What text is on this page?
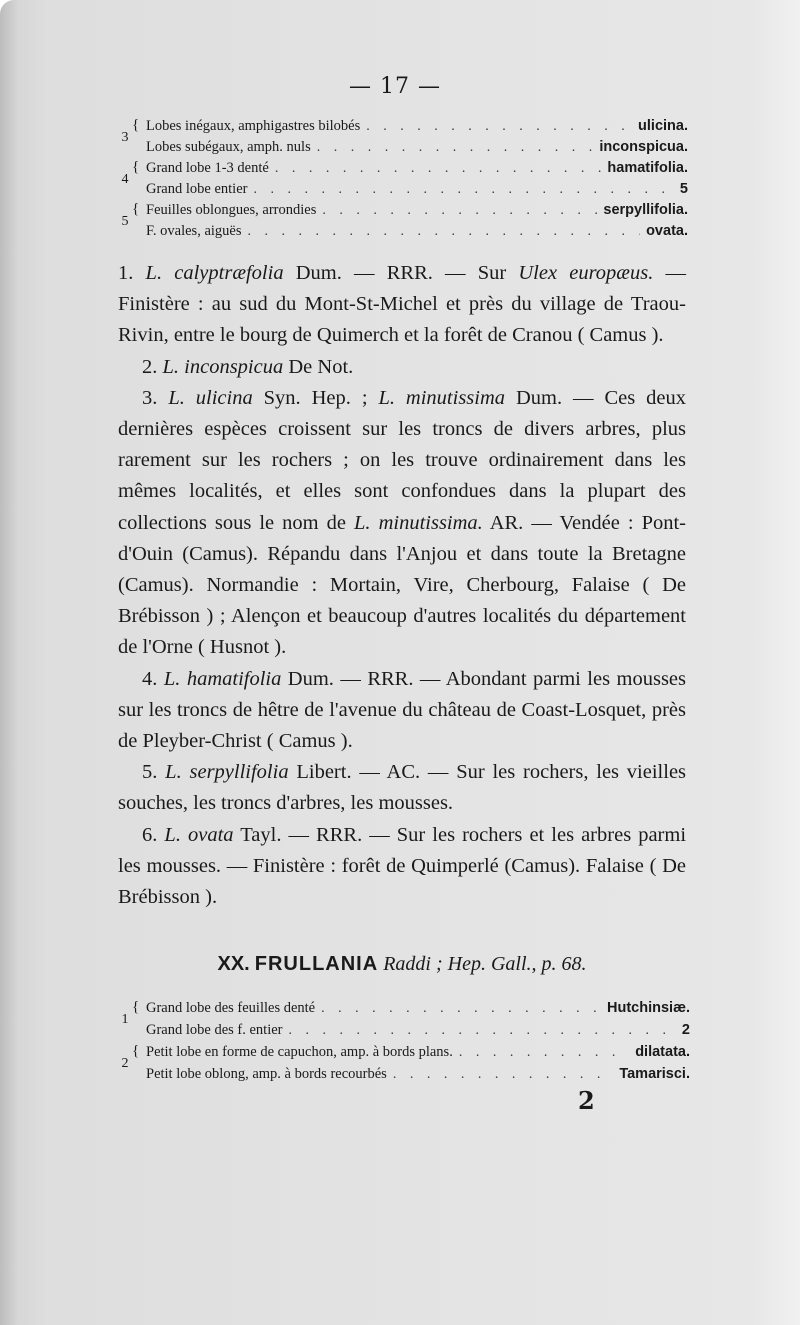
— 17 —
3
{ Lobes inégaux, amphigastres bilobés . . .	ulicina.
Lobes subégaux, amph. nuls . . .	inconspicua.
4
{ Grand lobe 1-3 denté . . .	hamatifolia.
Grand lobe entier . . .	5
5
{ Feuilles oblongues, arrondies . . .	serpyllifolia.
F. ovales, aiguës . . .	ovata.

1. L. calyptræfolia Dum. — RRR. — Sur Ulex europæus. — Finistère : au sud du Mont-St-Michel et près du village de Traou-Rivin, entre le bourg de Quimerch et la forêt de Cranou ( Camus ).

2. L. inconspicua De Not.

3. L. ulicina Syn. Hep. ; L. minutissima Dum. — Ces deux dernières espèces croissent sur les troncs de divers arbres, plus rarement sur les rochers ; on les trouve ordinairement dans les mêmes localités, et elles sont confondues dans la plupart des collections sous le nom de L. minutissima. AR. — Vendée : Pont-d'Ouin (Camus). Répandu dans l'Anjou et dans toute la Bretagne (Camus). Normandie : Mortain, Vire, Cherbourg, Falaise ( De Brébisson ) ; Alençon et beaucoup d'autres localités du département de l'Orne ( Husnot ).

4. L. hamatifolia Dum. — RRR. — Abondant parmi les mousses sur les troncs de hêtre de l'avenue du château de Coast-Losquet, près de Pleyber-Christ ( Camus ).

5. L. serpyllifolia Libert. — AC. — Sur les rochers, les vieilles souches, les troncs d'arbres, les mousses.

6. L. ovata Tayl. — RRR. — Sur les rochers et les arbres parmi les mousses. — Finistère : forêt de Quimperlé (Camus). Falaise ( De Brébisson ).

XX. FRULLANIA Raddi ; Hep. Gall., p. 68.
1
{ Grand lobe des feuilles denté . . .	Hutchinsiæ.
Grand lobe des f. entier . . .	2
2
{ Petit lobe en forme de capuchon, amp. à bords plans. . . .	dilatata.
Petit lobe oblong, amp. à bords recourbés . . .	Tamarisci.
2
